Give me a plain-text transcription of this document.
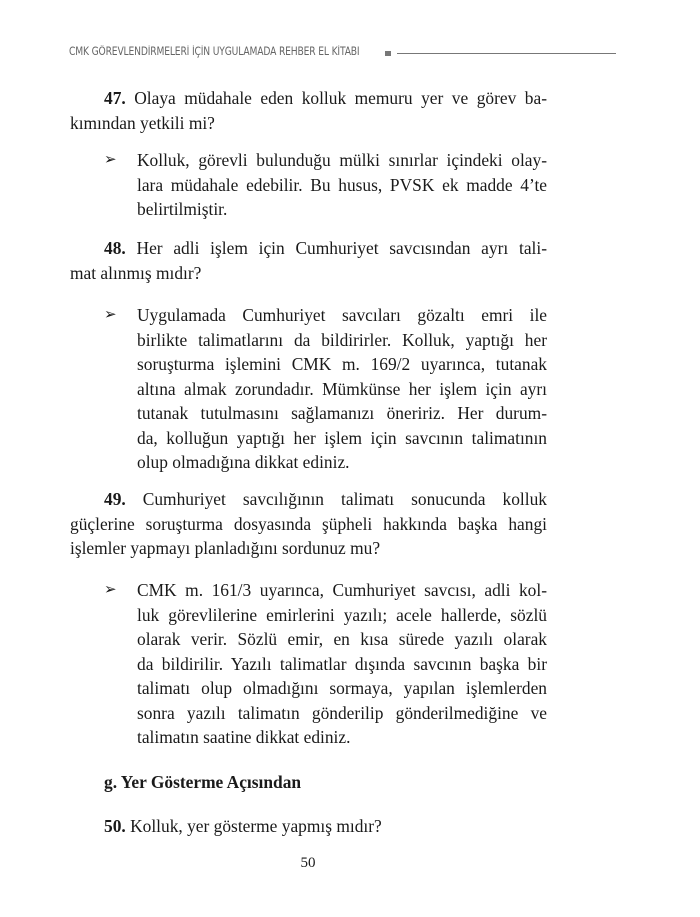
CMK GÖREVLENDİRMELERİ İÇİN UYGULAMADA REHBER EL KİTABI
47. Olaya müdahale eden kolluk memuru yer ve görev ba-
kımından yetkili mi?
➢ Kolluk, görevli bulunduğu mülki sınırlar içindeki olay-
lara müdahale edebilir. Bu husus, PVSK ek madde 4’te
belirtilmiştir.
48. Her adli işlem için Cumhuriyet savcısından ayrı tali-
mat alınmış mıdır?
➢ Uygulamada Cumhuriyet savcıları gözaltı emri ile
birlikte talimatlarını da bildirirler. Kolluk, yaptığı her
soruşturma işlemini CMK m. 169/2 uyarınca, tutanak
altına almak zorundadır. Mümkünse her işlem için ayrı
tutanak tutulmasını sağlamanızı öneririz. Her durum-
da, kolluğun yaptığı her işlem için savcının talimatının
olup olmadığına dikkat ediniz.
49. Cumhuriyet savcılığının talimatı sonucunda kolluk
güçlerine soruşturma dosyasında şüpheli hakkında başka hangi
işlemler yapmayı planladığını sordunuz mu?
➢ CMK m. 161/3 uyarınca, Cumhuriyet savcısı, adli kol-
luk görevlilerine emirlerini yazılı; acele hallerde, sözlü
olarak verir. Sözlü emir, en kısa sürede yazılı olarak
da bildirilir. Yazılı talimatlar dışında savcının başka bir
talimatı olup olmadığını sormaya, yapılan işlemlerden
sonra yazılı talimatın gönderilip gönderilmediğine ve
talimatın saatine dikkat ediniz.
50. Kolluk, yer gösterme yapmış mıdır?
g. Yer Gösterme Açısından
50
